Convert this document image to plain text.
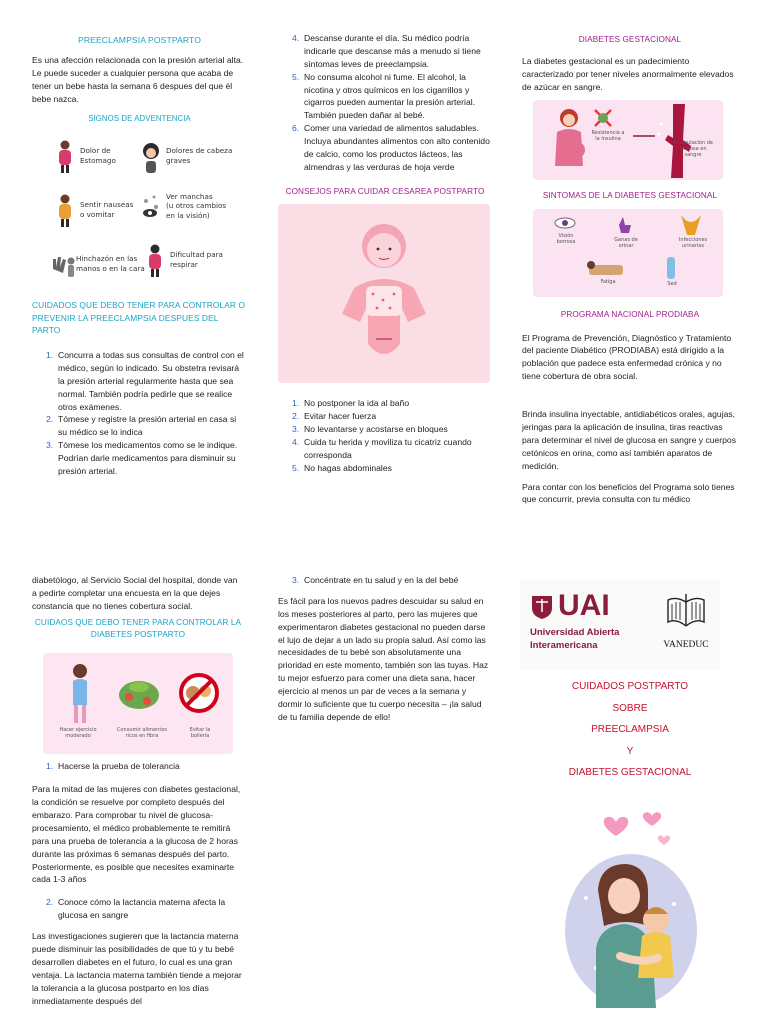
PREECLAMPSIA POSTPARTO

Es una afección relacionada con la presión arterial alta. Le puede suceder a cualquier persona que acaba de tener un bebe hasta la semana 6 despues del que él bebe nazca.

SIGNOS DE ADVENTENCIA
Dolor de
Estomago
Dolores de cabeza
graves
Sentir nauseas
o vomitar
Ver manchas
(u otros cambios
en la visión)
Hinchazón en las
manos o en la cara
Dificultad para
respirar
CUIDADOS QUE DEBO TENER PARA CONTROLAR O PREVENIR LA PREECLAMPSIA DESPUES DEL PARTO
1. Concurra a todas sus consultas de control con el médico, según lo indicado. Su obstetra revisará la presión arterial regularmente hasta que sea normal. También podría pedirle que se realice otros exámenes.
2. Tómese y registre la presión arterial en casa si su médico se lo indica
3. Tómese los medicamentos como se le indique. Podrían darle medicamentos para disminuir su presión arterial.
4. Descanse durante el día. Su médico podría indicarle que descanse más a menudo si tiene síntomas leves de preeclampsia.
5. No consuma alcohol ni fume. El alcohol, la nicotina y otros químicos en los cigarrillos y cigarros pueden aumentar la presión arterial. También pueden dañar al bebé.
6. Comer una variedad de alimentos saludables. Incluya abundantes alimentos con alto contenido de calcio, como los productos lácteos, las almendras y las verduras de hoja verde
CONSEJOS PARA CUIDAR CESAREA POSTPARTO
1. No postponer la ida al baño
2. Evitar hacer fuerza
3. No levantarse y acostarse en bloques
4. Cuida tu herida y moviliza tu cicatriz cuando corresponda
5. No hagas abdominales
DIABETES GESTACIONAL

La diabetes gestacional es un padecimiento caracterizado por tener niveles anormalmente elevados de azúcar en sangre.

Resistencia a la insulina
Acumulación de glucosa en sangre
SINTOMAS DE LA DIABETES GESTACIONAL
Visión borrosa	Ganas de orinar
Infecciones urinarias
Fatiga	Sed
PROGRAMA NACIONAL PRODIABA

El Programa de Prevención, Diagnóstico y Tratamiento del paciente Diabético (PRODIABA) está dirigido a la población que padece esta enfermedad crónica y no tiene cobertura de obra social.

Brinda insulina inyectable, antidiabéticos orales, agujas, jeringas para la aplicación de insulina, tiras reactivas para determinar el nivel de glucosa en sangre y cuerpos cetónicos en orina, como así también aparatos de medición.

Para contar con los beneficios del Programa solo tienes que concurrir, previa consulta con tu médico

diabetólogo, al Servicio Social del hospital, donde van a pedirte completar una encuesta en la que dejes constancia que no tienes cobertura social.

CUIDAOS QUE DEBO TENER PARA CONTROLAR LA DIABETES POSTPARTO
Hacer ejercicio moderado
Consumir alimentos ricos en fibra
Evitar la bollería
1. Hacerse la prueba de tolerancia

Para la mitad de las mujeres con diabetes gestacional, la condición se resuelve por completo después del embarazo. Para comprobar tu nivel de glucosa-procesamiento, el médico probablemente te remitirá para una prueba de tolerancia a la glucosa de 2 horas durante las próximas 6 semanas después del parto. Posteriormente, es posible que necesites examinarte cada 1-3 años

2. Conoce cómo la lactancia materna afecta la glucosa en sangre

Las investigaciones sugieren que la lactancia materna puede disminuir las posibilidades de que tú y tu bebé desarrollen diabetes en el futuro, lo cual es una gran ventaja. La lactancia materna también tiende a mejorar la tolerancia a la glucosa postparto en los días inmediatamente después del

3. Concéntrate en tu salud y en la del bebé

Es fácil para los nuevos padres descuidar su salud en los meses posteriores al parto, pero las mujeres que experimentaron diabetes gestacional no pueden darse el lujo de dejar a un lado su propia salud. Así como las necesidades de tu bebé son absolutamente una prioridad en este momento, también son las tuyas. Haz tu mejor esfuerzo para comer una dieta sana, hacer ejercicio al menos un par de veces a la semana y dormir lo suficiente que tu cuerpo necesita – ¡la salud de tu familia depende de ello!

UAI
Universidad Abierta
Interamericana	VANEDUC
CUIDADOS POSTPARTO
SOBRE
PREECLAMPSIA
Y
DIABETES GESTACIONAL
